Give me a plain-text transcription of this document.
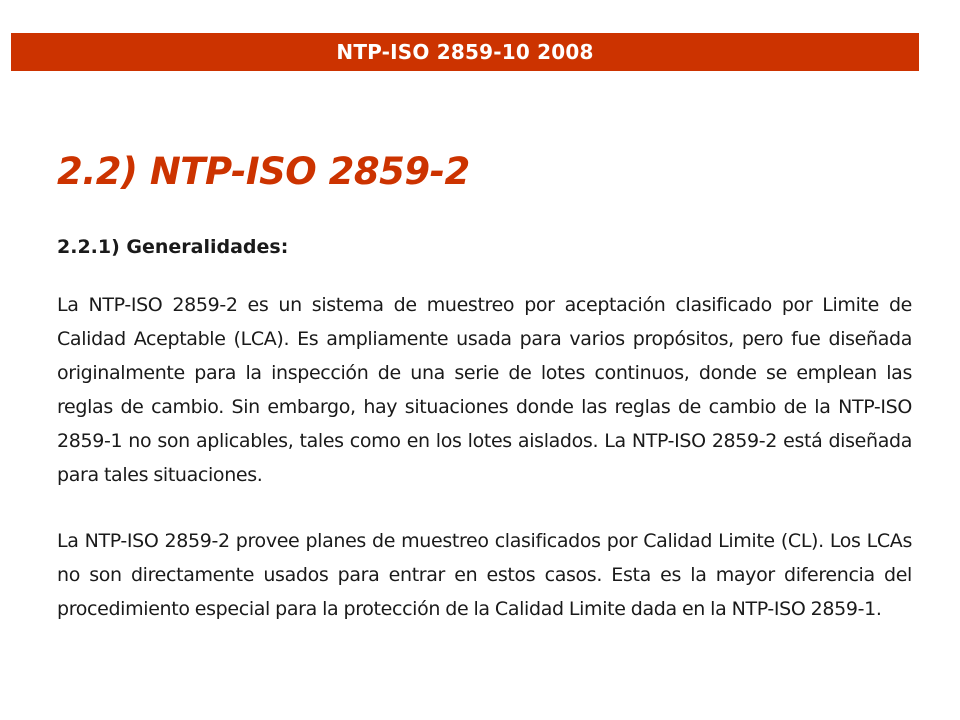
NTP-ISO 2859-10 2008
2.2) NTP-ISO 2859-2
2.2.1) Generalidades:

La NTP-ISO 2859-2 es un sistema de muestreo por aceptación clasificado por Limite de Calidad Aceptable (LCA). Es ampliamente usada para varios propósitos, pero fue diseñada originalmente para la inspección de una serie de lotes continuos, donde se emplean las reglas de cambio. Sin embargo, hay situaciones donde las reglas de cambio de la NTP-ISO 2859-1 no son aplicables, tales como en los lotes aislados. La NTP-ISO 2859-2 está diseñada para tales situaciones.

La NTP-ISO 2859-2 provee planes de muestreo clasificados por Calidad Limite (CL). Los LCAs no son directamente usados para entrar en estos casos. Esta es la mayor diferencia del procedimiento especial para la protección de la Calidad Limite dada en la NTP-ISO 2859-1.
